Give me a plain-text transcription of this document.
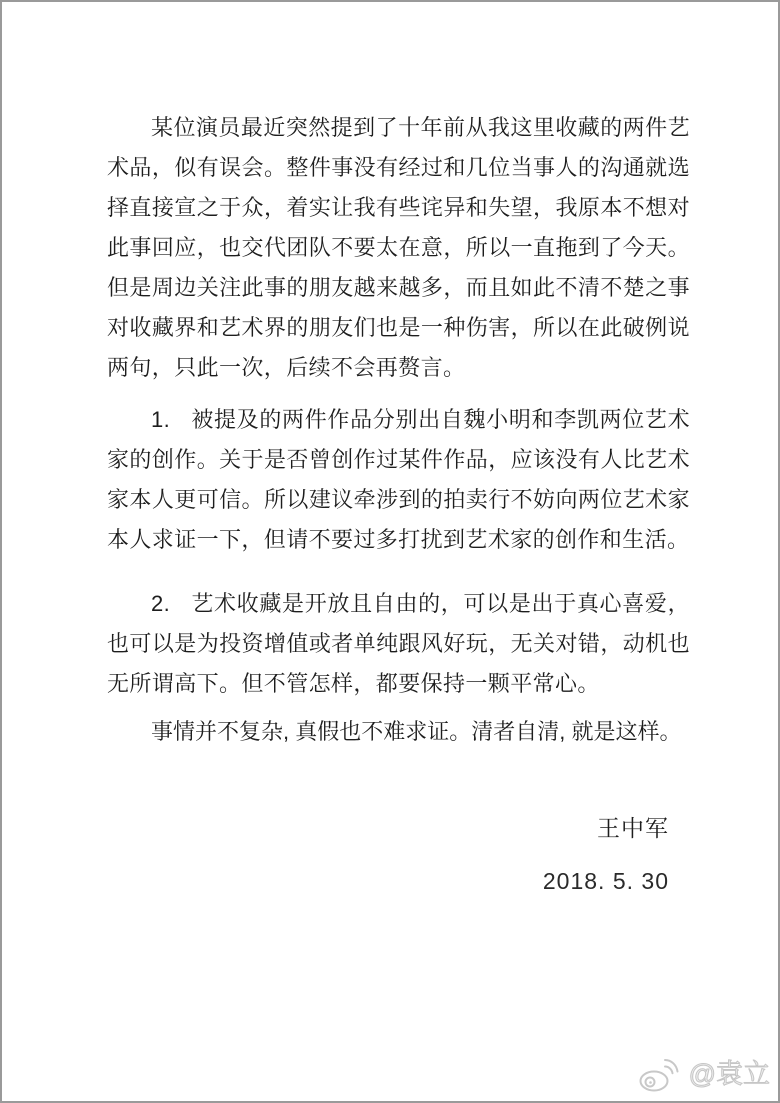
某位演员最近突然提到了十年前从我这里收藏的两件艺术品，似有误会。整件事没有经过和几位当事人的沟通就选择直接宣之于众，着实让我有些诧异和失望，我原本不想对此事回应，也交代团队不要太在意，所以一直拖到了今天。但是周边关注此事的朋友越来越多，而且如此不清不楚之事对收藏界和艺术界的朋友们也是一种伤害，所以在此破例说两句，只此一次，后续不会再赘言。

1. 被提及的两件作品分别出自魏小明和李凯两位艺术家的创作。关于是否曾创作过某件作品，应该没有人比艺术家本人更可信。所以建议牵涉到的拍卖行不妨向两位艺术家本人求证一下，但请不要过多打扰到艺术家的创作和生活。

2. 艺术收藏是开放且自由的，可以是出于真心喜爱，也可以是为投资增值或者单纯跟风好玩，无关对错，动机也无所谓高下。但不管怎样，都要保持一颗平常心。

事情并不复杂, 真假也不难求证。清者自清, 就是这样。

王中军
2018. 5. 30
@袁立
